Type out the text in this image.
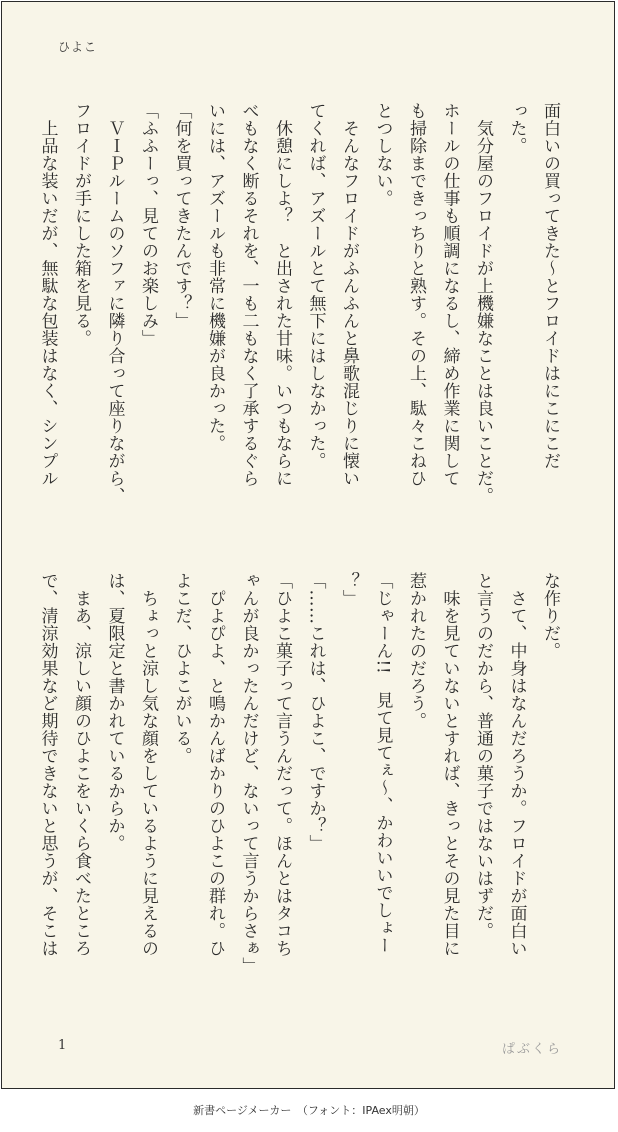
ひよこ
面白いの買ってきた〜とフロイドはにこにこだ
った。
　気分屋のフロイドが上機嫌なことは良いことだ。
ホールの仕事も順調になるし、締め作業に関して
も掃除まできっちりと熟す。その上、駄々こねひ
とつしない。
　そんなフロイドがふんふんと鼻歌混じりに懐い
てくれば、アズールとて無下にはしなかった。
　休憩にしよ？　と出された甘味。いつもならに
べもなく断るそれを、一も二もなく了承するぐら
いには、アズールも非常に機嫌が良かった。
「何を買ってきたんです？」
「ふふーっ、見てのお楽しみ」
　ＶＩＰルームのソファに隣り合って座りながら、
フロイドが手にした箱を見る。
　上品な装いだが、無駄な包装はなく、シンプル
な作りだ。
　さて、中身はなんだろうか。フロイドが面白い
と言うのだから、普通の菓子ではないはずだ。
　味を見ていないとすれば、きっとその見た目に
惹かれたのだろう。
「じゃーん!!　見て見てぇ〜、かわいいでしょー
？」
「……これは、ひよこ、ですか？」
「ひよこ菓子って言うんだって。ほんとはタコち
ゃんが良かったんだけど、ないって言うからさぁ」
　ぴよぴよ、と鳴かんばかりのひよこの群れ。ひ
よこだ、ひよこがいる。
　ちょっと涼し気な顔をしているように見えるの
は、夏限定と書かれているからか。
　まあ、涼しい顔のひよこをいくら食べたところ
で、清涼効果など期待できないと思うが、そこは
1	ぱぶくら
新書ページメーカー　（フォント：IPAex明朝）
